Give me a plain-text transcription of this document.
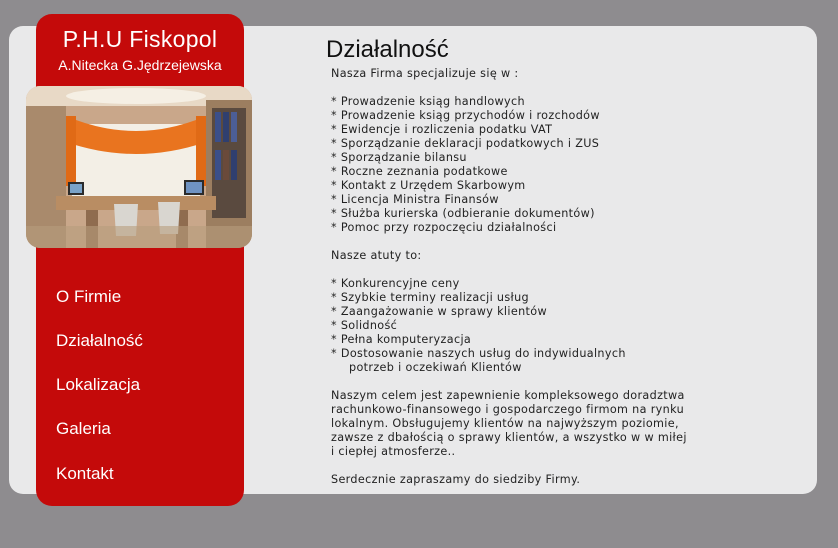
P.H.U Fiskopol
A.Nitecka G.Jędrzejewska
O Firmie
Działalność
Lokalizacja
Galeria
Kontakt
Działalność

Nasza Firma specjalizuje się w :

* Prowadzenie ksiąg handlowych
* Prowadzenie ksiąg przychodów i rozchodów
* Ewidencje i rozliczenia podatku VAT
* Sporządzanie deklaracji podatkowych i ZUS
* Sporządzanie bilansu
* Roczne zeznania podatkowe
* Kontakt z Urzędem Skarbowym
* Licencja Ministra Finansów
* Służba kurierska (odbieranie dokumentów)
* Pomoc przy rozpoczęciu działalności

Nasze atuty to:

* Konkurencyjne ceny
* Szybkie terminy realizacji usług
* Zaangażowanie w sprawy klientów
* Solidność
* Pełna komputeryzacja
* Dostosowanie naszych usług do indywidualnych
potrzeb i oczekiwań Klientów

Naszym celem jest zapewnienie kompleksowego doradztwa

rachunkowo-finansowego i gospodarczego firmom na rynku

lokalnym. Obsługujemy klientów na najwyższym poziomie,

zawsze z dbałością o sprawy klientów, a wszystko w w miłej

i ciepłej atmosferze..

Serdecznie zapraszamy do siedziby Firmy.
